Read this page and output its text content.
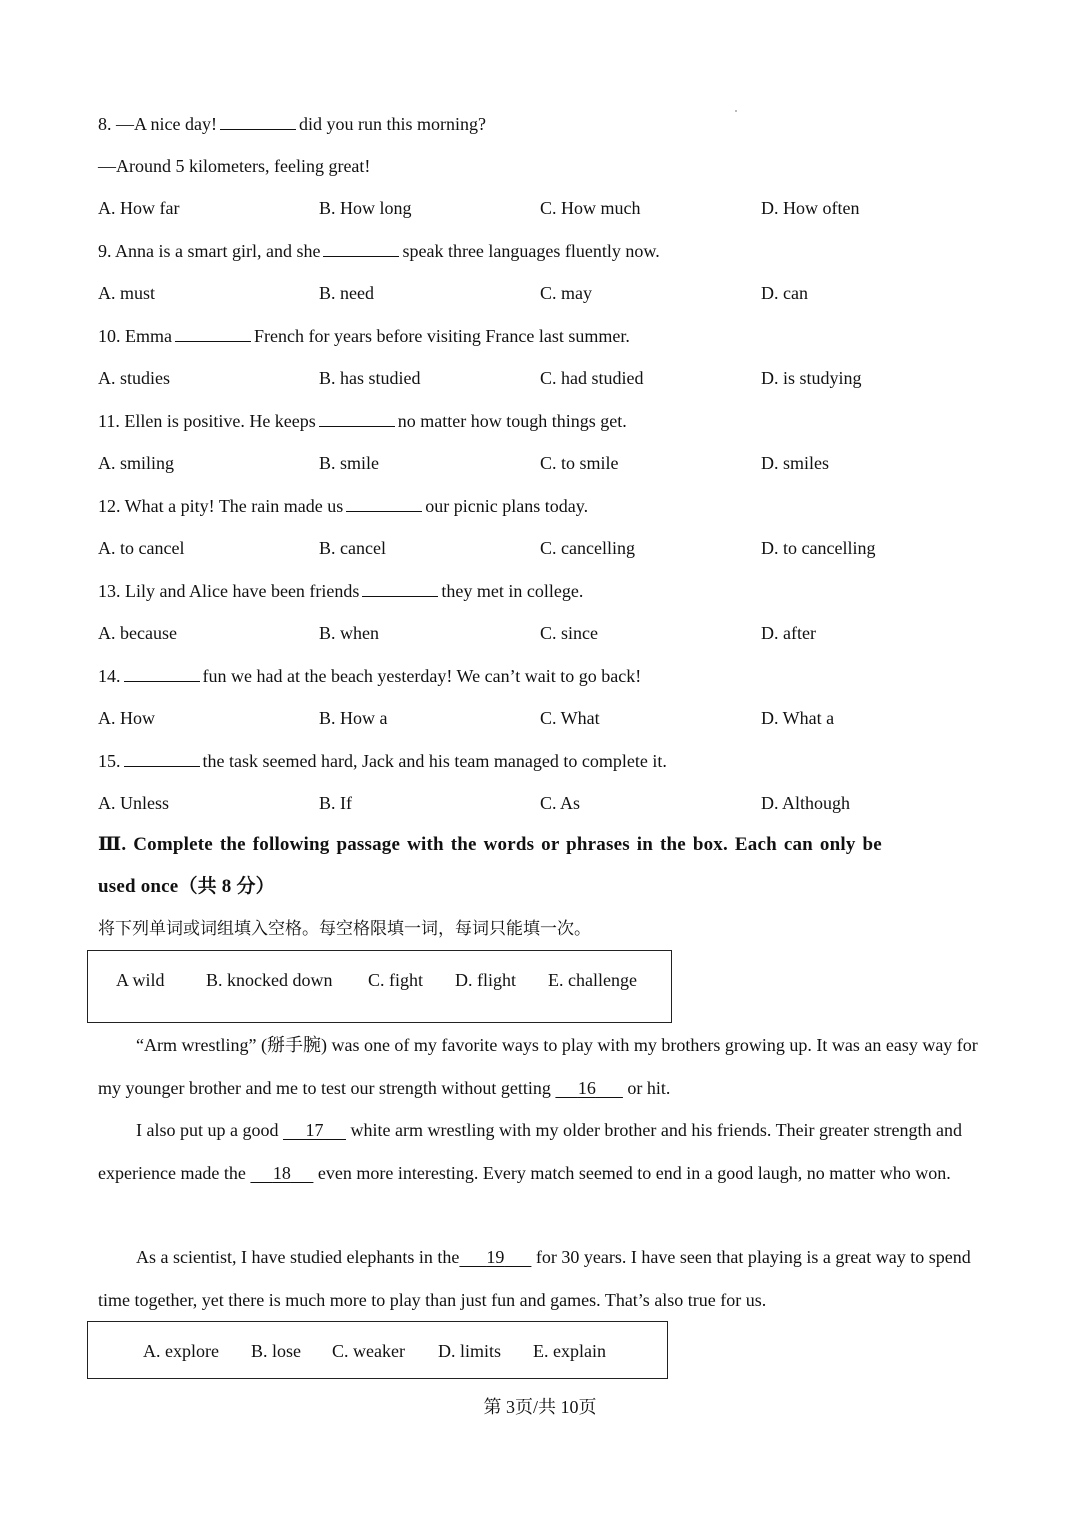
8. —A nice day!	did you run this morning?
—Around 5 kilometers, feeling great!
A. How far	B. How long	C. How much	D. How often
9. Anna is a smart girl, and she	speak three languages fluently now.
A. must	B. need	C. may	D. can
10. Emma	French for years before visiting France last summer.
A. studies	B. has studied	C. had studied	D. is studying
11. Ellen is positive. He keeps	no matter how tough things get.
A. smiling	B. smile	C. to smile	D. smiles
12. What a pity! The rain made us	our picnic plans today.
A. to cancel	B. cancel	C. cancelling	D. to cancelling
13. Lily and Alice have been friends	they met in college.
A. because	B. when	C. since	D. after
14.	fun we had at the beach yesterday! We can’t wait to go back!
A. How	B. How a	C. What	D. What a
15.	the task seemed hard, Jack and his team managed to complete it.
A. Unless	B. If	C. As	D. Although
Ⅲ. Complete the following passage with the words or phrases in the box. Each can only be
used once（共 8 分）
将下列单词或词组填入空格。每空格限填一词，每词只能填一次。
A wild B. knocked down C. fight D. flight E. challenge
“Arm wrestling” (掰手腕) was one of my favorite ways to play with my brothers growing up. It was an easy way for my younger brother and me to test our strength without getting 16 or hit.
I also put up a good 17 white arm wrestling with my older brother and his friends. Their greater strength and experience made the 18 even more interesting. Every match seemed to end in a good laugh, no matter who won.
As a scientist, I have studied elephants in the 19 for 30 years. I have seen that playing is a great way to spend time together, yet there is much more to play than just fun and games. That’s also true for us.
A. explore B. lose C. weaker D. limits E. explain
第 3页/共 10页
